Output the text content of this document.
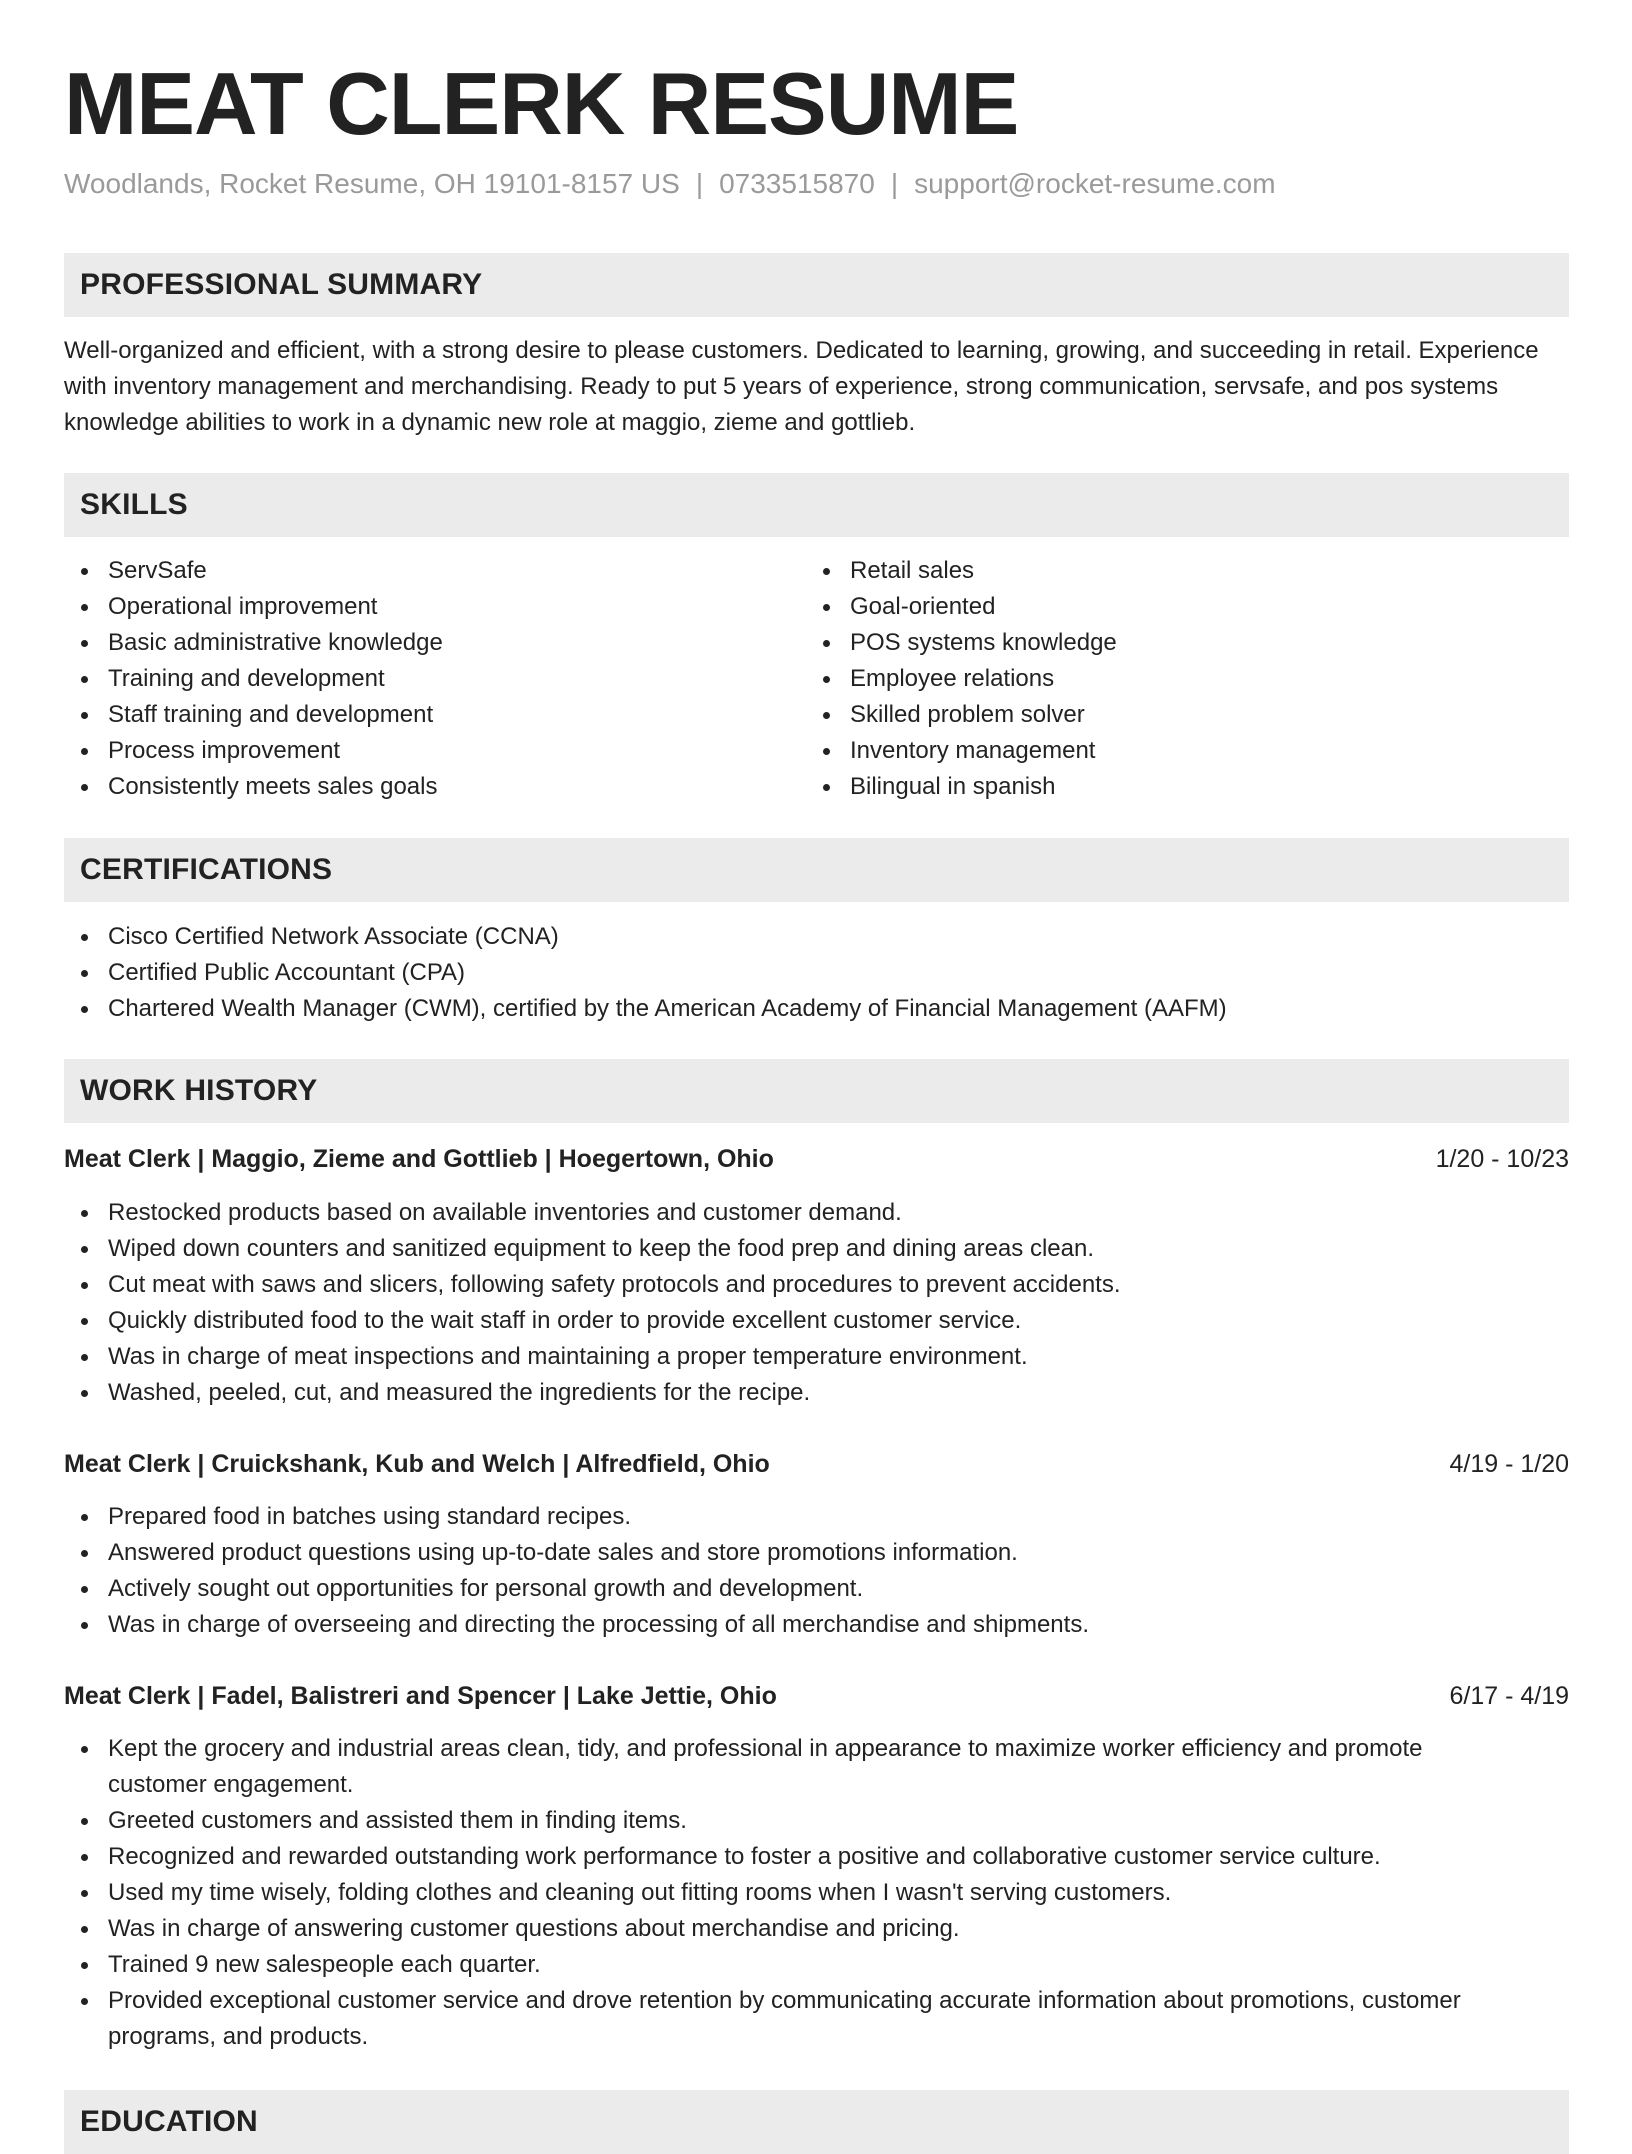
MEAT CLERK RESUME
Woodlands, Rocket Resume, OH 19101-8157 US | 0733515870 | support@rocket-resume.com
PROFESSIONAL SUMMARY

Well-organized and efficient, with a strong desire to please customers. Dedicated to learning, growing, and succeeding in retail. Experience with inventory management and merchandising. Ready to put 5 years of experience, strong communication, servsafe, and pos systems knowledge abilities to work in a dynamic new role at maggio, zieme and gottlieb.

SKILLS
ServSafe
Operational improvement
Basic administrative knowledge
Training and development
Staff training and development
Process improvement
Consistently meets sales goals
Retail sales
Goal-oriented
POS systems knowledge
Employee relations
Skilled problem solver
Inventory management
Bilingual in spanish
CERTIFICATIONS
Cisco Certified Network Associate (CCNA)
Certified Public Accountant (CPA)
Chartered Wealth Manager (CWM), certified by the American Academy of Financial Management (AAFM)
WORK HISTORY
Meat Clerk | Maggio, Zieme and Gottlieb | Hoegertown, Ohio	1/20 - 10/23
Restocked products based on available inventories and customer demand.
Wiped down counters and sanitized equipment to keep the food prep and dining areas clean.
Cut meat with saws and slicers, following safety protocols and procedures to prevent accidents.
Quickly distributed food to the wait staff in order to provide excellent customer service.
Was in charge of meat inspections and maintaining a proper temperature environment.
Washed, peeled, cut, and measured the ingredients for the recipe.
Meat Clerk | Cruickshank, Kub and Welch | Alfredfield, Ohio	4/19 - 1/20
Prepared food in batches using standard recipes.
Answered product questions using up-to-date sales and store promotions information.
Actively sought out opportunities for personal growth and development.
Was in charge of overseeing and directing the processing of all merchandise and shipments.
Meat Clerk | Fadel, Balistreri and Spencer | Lake Jettie, Ohio	6/17 - 4/19
Kept the grocery and industrial areas clean, tidy, and professional in appearance to maximize worker efficiency and promote customer engagement.
Greeted customers and assisted them in finding items.
Recognized and rewarded outstanding work performance to foster a positive and collaborative customer service culture.
Used my time wisely, folding clothes and cleaning out fitting rooms when I wasn't serving customers.
Was in charge of answering customer questions about merchandise and pricing.
Trained 9 new salespeople each quarter.
Provided exceptional customer service and drove retention by communicating accurate information about promotions, customer programs, and products.
EDUCATION
